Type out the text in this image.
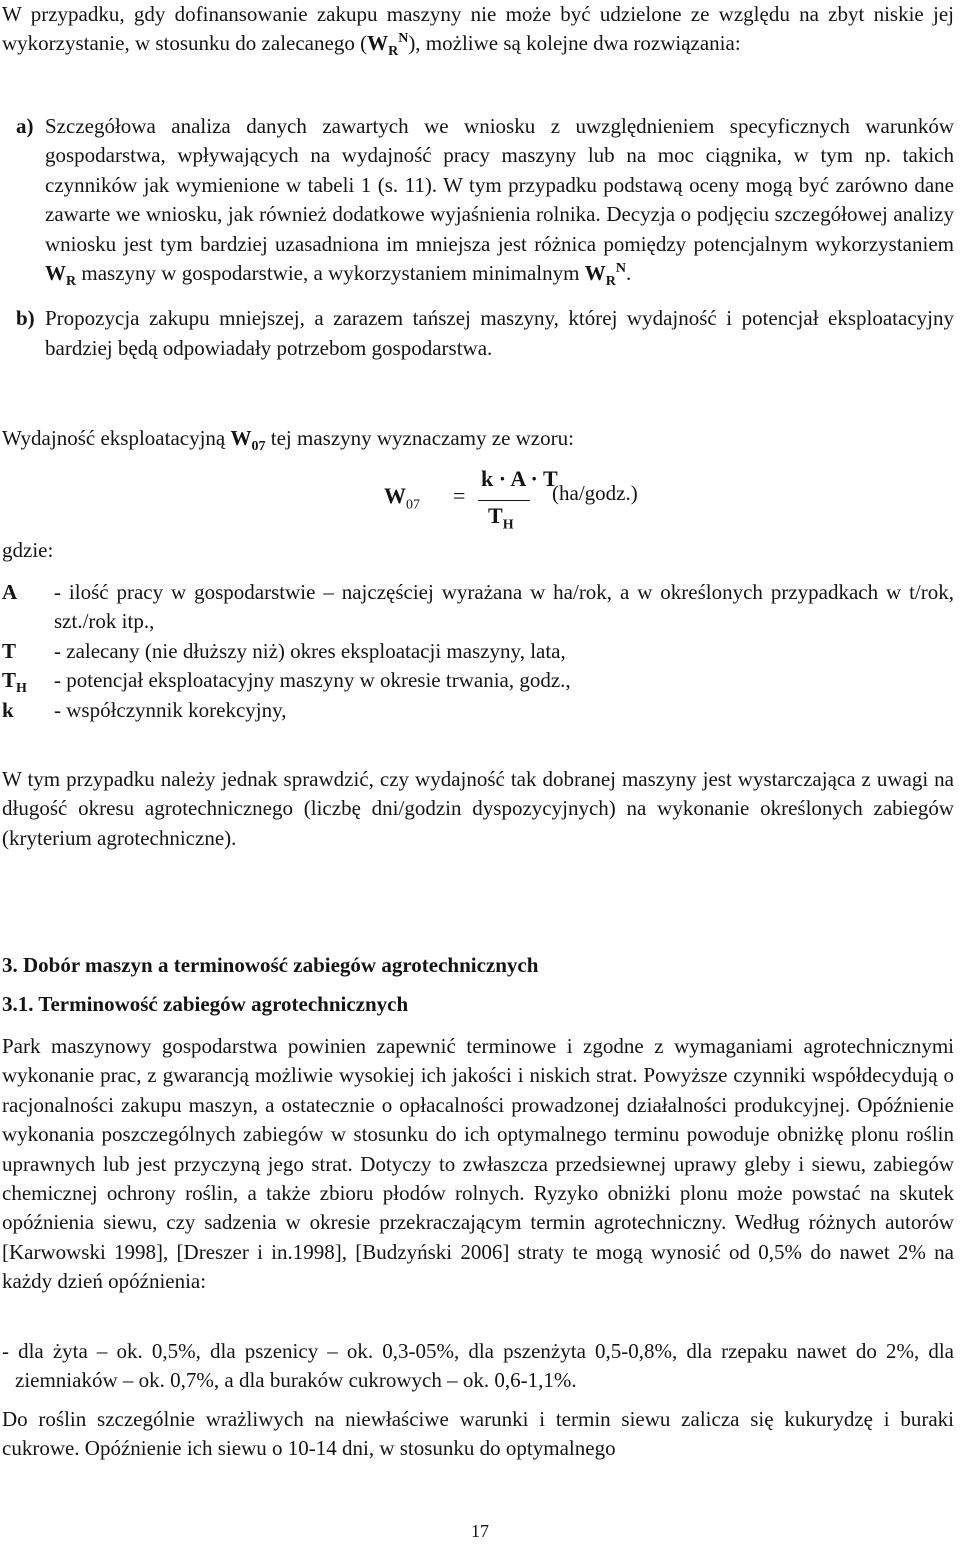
W przypadku, gdy dofinansowanie zakupu maszyny nie może być udzielone ze względu na zbyt niskie jej wykorzystanie, w stosunku do zalecanego $(W_R^N)$, możliwe są kolejne dwa rozwiązania:

a) Szczegółowa analiza danych zawartych we wniosku z uwzględnieniem specyficznych warunków gospodarstwa, wpływających na wydajność pracy maszyny lub na moc ciągnika, w tym np. takich czynników jak wymienione w tabeli 1 (s. 11). W tym przypadku podstawą oceny mogą być zarówno dane zawarte we wniosku, jak również dodatkowe wyjaśnienia rolnika. Decyzja o podjęciu szczegółowej analizy wniosku jest tym bardziej uzasadniona im mniejsza jest różnica pomiędzy potencjalnym wykorzystaniem $W_R$ maszyny w gospodarstwie, a wykorzystaniem minimalnym $W_R^N$.

b) Propozycja zakupu mniejszej, a zarazem tańszej maszyny, której wydajność i potencjał eksploatacyjny bardziej będą odpowiadały potrzebom gospodarstwa.

Wydajność eksploatacyjną $W_{07}$ tej maszyny wyznaczamy ze wzoru:

$W_{07}$ =
k · A · T
$T_H$
(ha/godz.)

gdzie:

A - ilość pracy w gospodarstwie – najczęściej wyrażana w ha/rok, a w określonych przypadkach w t/rok, szt./rok itp.,

T - zalecany (nie dłuższy niż) okres eksploatacji maszyny, lata,

$T_H$ - potencjał eksploatacyjny maszyny w okresie trwania, godz.,

k - współczynnik korekcyjny,

W tym przypadku należy jednak sprawdzić, czy wydajność tak dobranej maszyny jest wystarczająca z uwagi na długość okresu agrotechnicznego (liczbę dni/godzin dyspozycyjnych) na wykonanie określonych zabiegów (kryterium agrotechniczne).

3. Dobór maszyn a terminowość zabiegów agrotechnicznych

3.1. Terminowość zabiegów agrotechnicznych

Park maszynowy gospodarstwa powinien zapewnić terminowe i zgodne z wymaganiami agrotechnicznymi wykonanie prac, z gwarancją możliwie wysokiej ich jakości i niskich strat. Powyższe czynniki współdecydują o racjonalności zakupu maszyn, a ostatecznie o opłacalności prowadzonej działalności produkcyjnej. Opóźnienie wykonania poszczególnych zabiegów w stosunku do ich optymalnego terminu powoduje obniżkę plonu roślin uprawnych lub jest przyczyną jego strat. Dotyczy to zwłaszcza przedsiewnej uprawy gleby i siewu, zabiegów chemicznej ochrony roślin, a także zbioru płodów rolnych. Ryzyko obniżki plonu może powstać na skutek opóźnienia siewu, czy sadzenia w okresie przekraczającym termin agrotechniczny. Według różnych autorów [Karwowski 1998], [Dreszer i in.1998], [Budzyński 2006] straty te mogą wynosić od 0,5% do nawet 2% na każdy dzień opóźnienia:

- dla żyta – ok. 0,5%, dla pszenicy – ok. 0,3-05%, dla pszenżyta 0,5-0,8%, dla rzepaku nawet do 2%, dla ziemniaków – ok. 0,7%, a dla buraków cukrowych – ok. 0,6-1,1%.

Do roślin szczególnie wrażliwych na niewłaściwe warunki i termin siewu zalicza się kukurydzę i buraki cukrowe. Opóźnienie ich siewu o 10-14 dni, w stosunku do optymalnego

17
